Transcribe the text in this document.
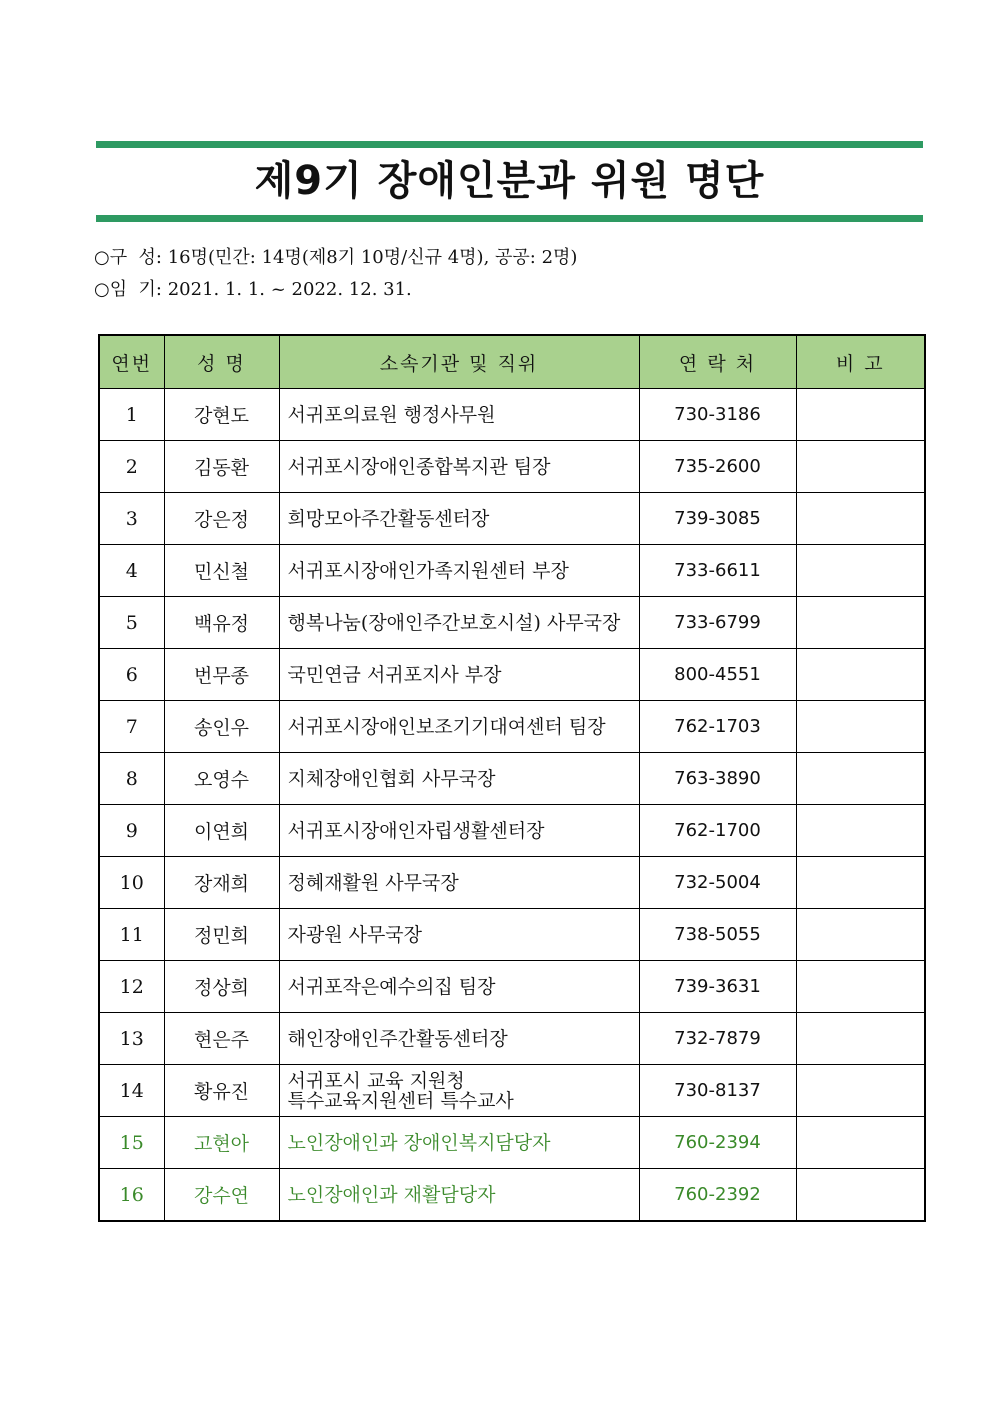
제9기 장애인분과 위원 명단
○구  성: 16명(민간: 14명(제8기 10명/신규 4명), 공공: 2명)
○임  기: 2021. 1. 1. ~ 2022. 12. 31.
연번	성 명	소속기관 및 직위	연 락 처	비 고
1	강현도	서귀포의료원 행정사무원	730-3186	
2	김동환	서귀포시장애인종합복지관 팀장	735-2600	
3	강은정	희망모아주간활동센터장	739-3085	
4	민신철	서귀포시장애인가족지원센터 부장	733-6611	
5	백유정	행복나눔(장애인주간보호시설) 사무국장	733-6799	
6	번무종	국민연금 서귀포지사 부장	800-4551	
7	송인우	서귀포시장애인보조기기대여센터 팀장	762-1703	
8	오영수	지체장애인협회 사무국장	763-3890	
9	이연희	서귀포시장애인자립생활센터장	762-1700	
10	장재희	정혜재활원 사무국장	732-5004	
11	정민희	자광원 사무국장	738-5055	
12	정상희	서귀포작은예수의집 팀장	739-3631	
13	현은주	해인장애인주간활동센터장	732-7879	
14	황유진	서귀포시 교육 지원청
특수교육지원센터 특수교사	730-8137	
15	고현아	노인장애인과 장애인복지담당자	760-2394	
16	강수연	노인장애인과 재활담당자	760-2392	
